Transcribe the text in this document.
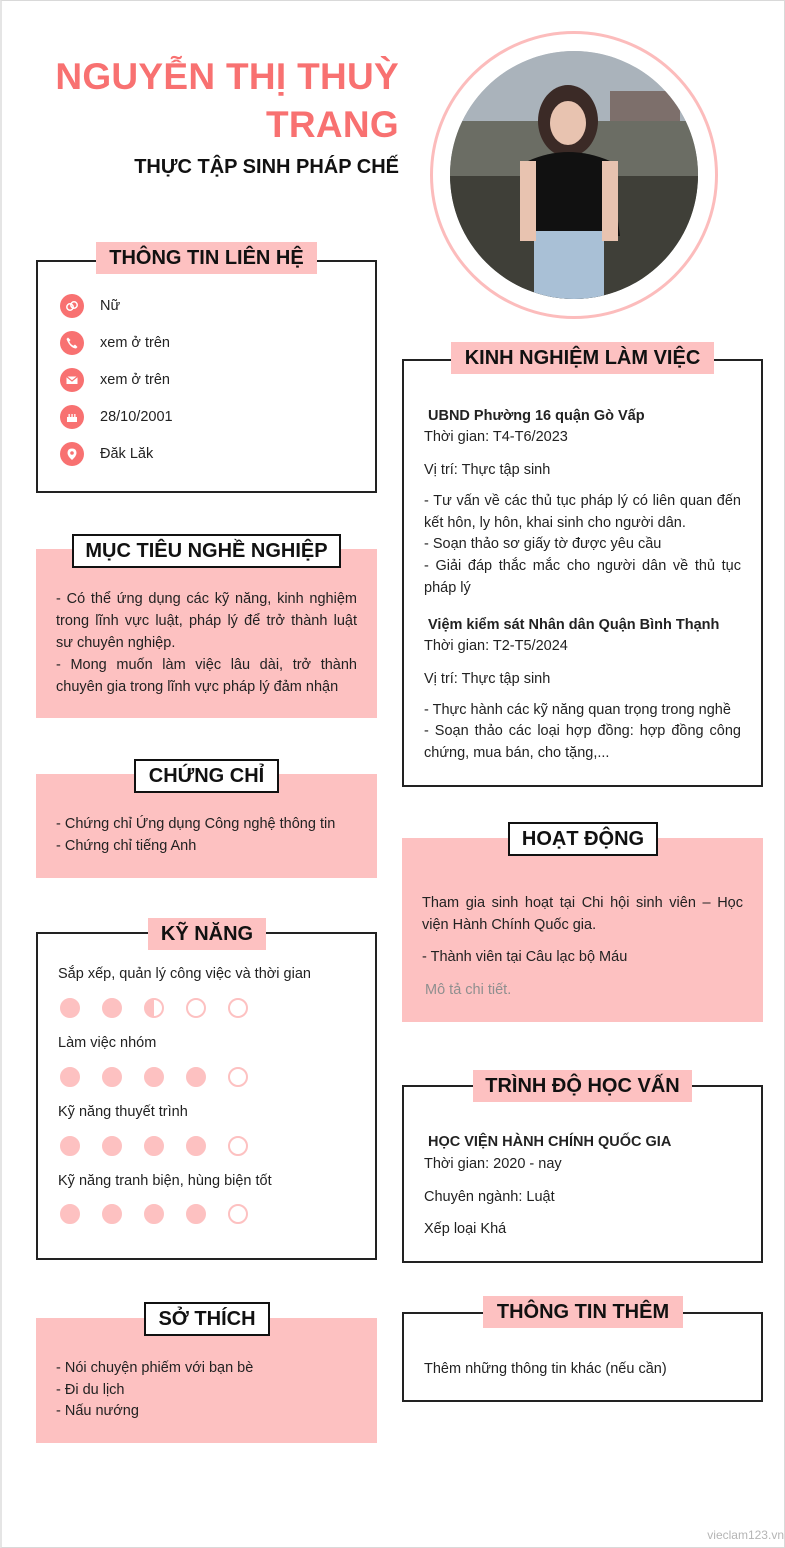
NGUYỄN THỊ THUỲ
TRANG
THỰC TẬP SINH PHÁP CHẾ
THÔNG TIN LIÊN HỆ
Nữ
xem ở trên
xem ở trên
28/10/2001
Đăk Lăk
MỤC TIÊU NGHỀ NGHIỆP
- Có thể ứng dụng các kỹ năng, kinh nghiệm trong lĩnh vực luật, pháp lý để trở thành luật sư chuyên nghiệp.
- Mong muốn làm việc lâu dài, trở thành chuyên gia trong lĩnh vực pháp lý đảm nhận
CHỨNG CHỈ
- Chứng chỉ Ứng dụng Công nghệ thông tin
- Chứng chỉ tiếng Anh
KỸ NĂNG
Sắp xếp, quản lý công việc và thời gian
Làm việc nhóm
Kỹ năng thuyết trình
Kỹ năng tranh biện, hùng biện tốt
SỞ THÍCH
- Nói chuyện phiếm với bạn bè
- Đi du lịch
- Nấu nướng
KINH NGHIỆM LÀM VIỆC
UBND Phường 16 quận Gò Vấp
Thời gian: T4-T6/2023
Vị trí: Thực tập sinh
- Tư vấn về các thủ tục pháp lý có liên quan đến kết hôn, ly hôn, khai sinh cho người dân.
- Soạn thảo sơ giấy tờ được yêu cầu
- Giải đáp thắc mắc cho người dân về thủ tục pháp lý
Việm kiểm sát Nhân dân Quận Bình Thạnh
Thời gian: T2-T5/2024
Vị trí: Thực tập sinh
- Thực hành các kỹ năng quan trọng trong nghề
- Soạn thảo các loại hợp đồng: hợp đồng công chứng, mua bán, cho tặng,...
HOẠT ĐỘNG
Tham gia sinh hoạt tại Chi hội sinh viên – Học viện Hành Chính Quốc gia.
- Thành viên tại Câu lạc bộ Máu
Mô tả chi tiết.
TRÌNH ĐỘ HỌC VẤN
HỌC VIỆN HÀNH CHÍNH QUỐC GIA
Thời gian: 2020 - nay
Chuyên ngành: Luật
Xếp loại Khá
THÔNG TIN THÊM
Thêm những thông tin khác (nếu cần)
vieclam123.vn
